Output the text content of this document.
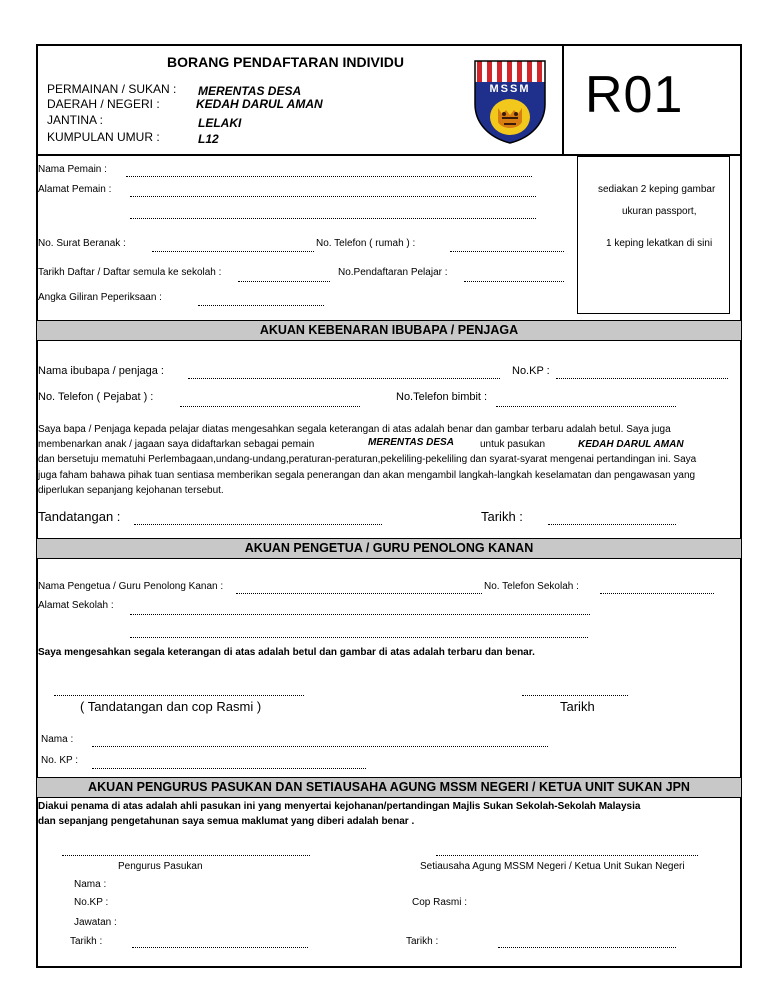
BORANG PENDAFTARAN INDIVIDU
PERMAINAN / SUKAN : MERENTAS DESA
DAERAH / NEGERI :	KEDAH DARUL AMAN
JANTINA :	LELAKI
KUMPULAN UMUR :	L12
MSSM R01
Nama Pemain :
Alamat Pemain :
No. Surat Beranak :	No. Telefon ( rumah ) :
Tarikh Daftar / Daftar semula ke sekolah :	No.Pendaftaran Pelajar :
Angka Giliran Peperiksaan :
sediakan 2 keping gambar
ukuran passport,
1 keping lekatkan di sini
AKUAN KEBENARAN IBUBAPA / PENJAGA
Nama ibubapa / penjaga :	No.KP :
No. Telefon ( Pejabat ) :	No.Telefon bimbit :
Saya bapa / Penjaga kepada pelajar diatas mengesahkan segala keterangan di atas adalah benar dan gambar terbaru adalah betul. Saya juga
membenarkan anak / jagaan saya didaftarkan sebagai pemain	MERENTAS DESA	untuk pasukan	KEDAH DARUL AMAN
dan bersetuju mematuhi Perlembagaan,undang-undang,peraturan-peraturan,pekeliling-pekeliling dan syarat-syarat mengenai pertandingan ini. Saya
juga faham bahawa pihak tuan sentiasa memberikan segala penerangan dan akan mengambil langkah-langkah keselamatan dan pengawasan yang
diperlukan sepanjang kejohanan tersebut.
Tandatangan :	Tarikh :
AKUAN PENGETUA / GURU PENOLONG KANAN
Nama Pengetua / Guru Penolong Kanan :	No. Telefon Sekolah :
Alamat Sekolah :
Saya mengesahkan segala keterangan di atas adalah betul dan gambar di atas adalah terbaru dan benar.
( Tandatangan dan cop Rasmi )	Tarikh
Nama :
No. KP :
AKUAN PENGURUS PASUKAN DAN SETIAUSAHA AGUNG MSSM NEGERI / KETUA UNIT SUKAN JPN
Diakui penama di atas adalah ahli pasukan ini yang menyertai kejohanan/pertandingan Majlis Sukan Sekolah-Sekolah Malaysia
dan sepanjang pengetahunan saya semua maklumat yang diberi adalah benar .
Pengurus Pasukan	Setiausaha Agung MSSM Negeri / Ketua Unit Sukan Negeri
Nama :
No.KP :	Cop Rasmi :
Jawatan :
Tarikh :	Tarikh :
